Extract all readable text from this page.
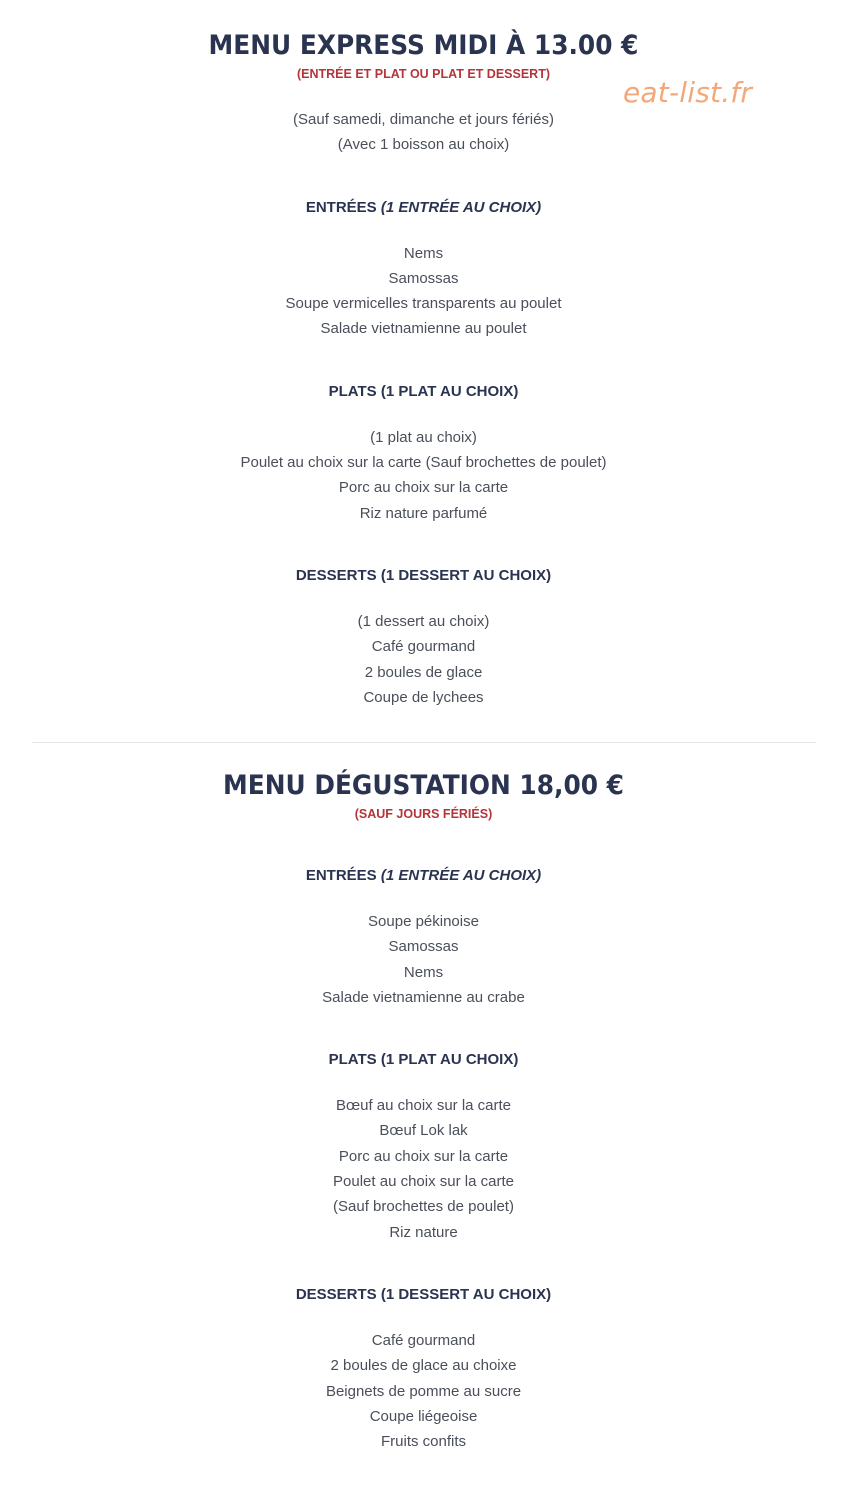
eat-list.fr
MENU EXPRESS MIDI À 13.00 €
(ENTRÉE ET PLAT OU PLAT ET DESSERT)
(Sauf samedi, dimanche et jours fériés)
(Avec 1 boisson au choix)
ENTRÉES (1 ENTRÉE AU CHOIX)
Nems
Samossas
Soupe vermicelles transparents au poulet
Salade vietnamienne au poulet
PLATS (1 PLAT AU CHOIX)
(1 plat au choix)
Poulet au choix sur la carte (Sauf brochettes de poulet)
Porc au choix sur la carte
Riz nature parfumé
DESSERTS (1 DESSERT AU CHOIX)
(1 dessert au choix)
Café gourmand
2 boules de glace
Coupe de lychees
MENU DÉGUSTATION 18,00 €
(SAUF JOURS FÉRIÉS)
ENTRÉES (1 ENTRÉE AU CHOIX)
Soupe pékinoise
Samossas
Nems
Salade vietnamienne au crabe
PLATS (1 PLAT AU CHOIX)
Bœuf au choix sur la carte
Bœuf Lok lak
Porc au choix sur la carte
Poulet au choix sur la carte
(Sauf brochettes de poulet)
Riz nature
DESSERTS (1 DESSERT AU CHOIX)
Café gourmand
2 boules de glace au choixe
Beignets de pomme au sucre
Coupe liégeoise
Fruits confits
